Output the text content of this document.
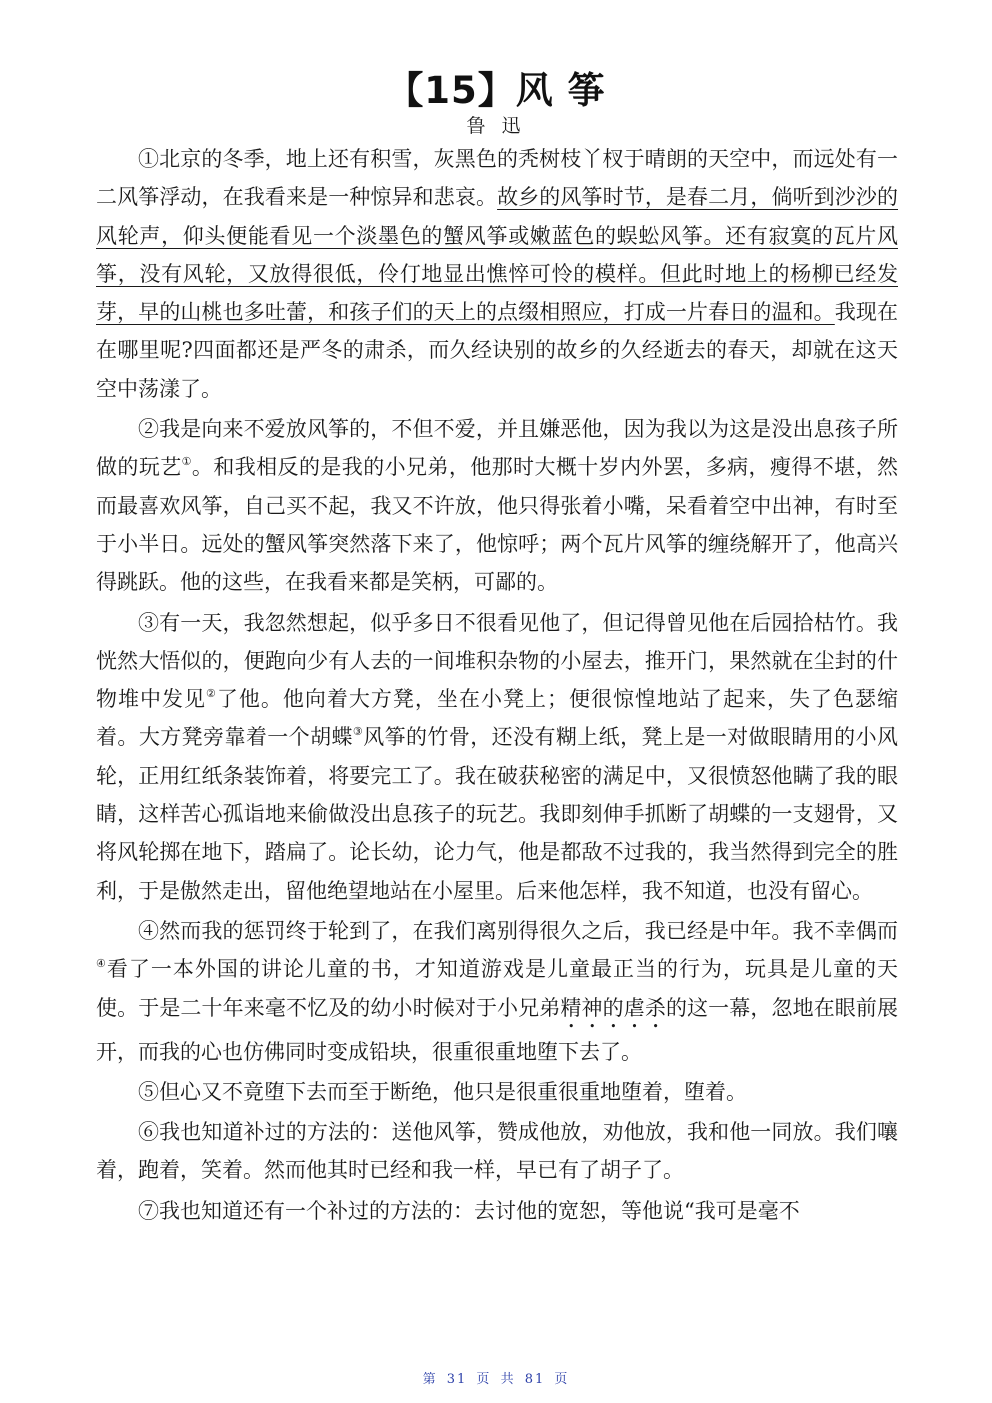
【15】风 筝
鲁 迅

①北京的冬季，地上还有积雪，灰黑色的秃树枝丫杈于晴朗的天空中，而远处有一二风筝浮动，在我看来是一种惊异和悲哀。故乡的风筝时节，是春二月，倘听到沙沙的风轮声，仰头便能看见一个淡墨色的蟹风筝或嫩蓝色的蜈蚣风筝。还有寂寞的瓦片风筝，没有风轮，又放得很低，伶仃地显出憔悴可怜的模样。但此时地上的杨柳已经发芽，早的山桃也多吐蕾，和孩子们的天上的点缀相照应，打成一片春日的温和。我现在在哪里呢?四面都还是严冬的肃杀，而久经诀别的故乡的久经逝去的春天，却就在这天空中荡漾了。

②我是向来不爱放风筝的，不但不爱，并且嫌恶他，因为我以为这是没出息孩子所做的玩艺①。和我相反的是我的小兄弟，他那时大概十岁内外罢，多病，瘦得不堪，然而最喜欢风筝，自己买不起，我又不许放，他只得张着小嘴，呆看着空中出神，有时至于小半日。远处的蟹风筝突然落下来了，他惊呼；两个瓦片风筝的缠绕解开了，他高兴得跳跃。他的这些，在我看来都是笑柄，可鄙的。

③有一天，我忽然想起，似乎多日不很看见他了，但记得曾见他在后园拾枯竹。我恍然大悟似的，便跑向少有人去的一间堆积杂物的小屋去，推开门，果然就在尘封的什物堆中发见②了他。他向着大方凳，坐在小凳上；便很惊惶地站了起来，失了色瑟缩着。大方凳旁靠着一个胡蝶③风筝的竹骨，还没有糊上纸，凳上是一对做眼睛用的小风轮，正用红纸条装饰着，将要完工了。我在破获秘密的满足中，又很愤怒他瞒了我的眼睛，这样苦心孤诣地来偷做没出息孩子的玩艺。我即刻伸手抓断了胡蝶的一支翅骨，又将风轮掷在地下，踏扁了。论长幼，论力气，他是都敌不过我的，我当然得到完全的胜利，于是傲然走出，留他绝望地站在小屋里。后来他怎样，我不知道，也没有留心。

④然而我的惩罚终于轮到了，在我们离别得很久之后，我已经是中年。我不幸偶而④看了一本外国的讲论儿童的书，才知道游戏是儿童最正当的行为，玩具是儿童的天使。于是二十年来毫不忆及的幼小时候对于小兄弟精神的虐杀的这一幕，忽地在眼前展开，而我的心也仿佛同时变成铅块，很重很重地堕下去了。

⑤但心又不竟堕下去而至于断绝，他只是很重很重地堕着，堕着。

⑥我也知道补过的方法的：送他风筝，赞成他放，劝他放，我和他一同放。我们嚷着，跑着，笑着。然而他其时已经和我一样，早已有了胡子了。

⑦我也知道还有一个补过的方法的：去讨他的宽恕，等他说“我可是毫不

第 31 页 共 81 页
